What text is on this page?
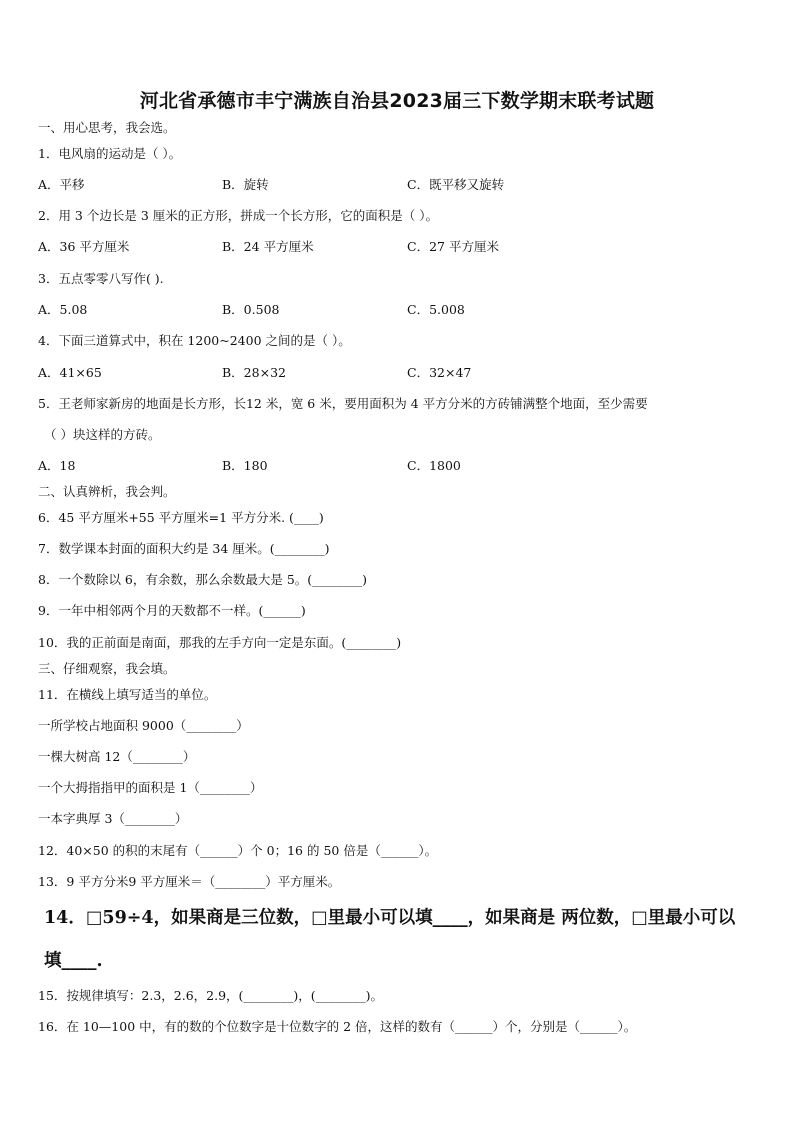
河北省承德市丰宁满族自治县2023届三下数学期末联考试题
一、用心思考，我会选。
1．电风扇的运动是（ ）。
A．平移	B．旋转	C．既平移又旋转
2．用 3 个边长是 3 厘米的正方形，拼成一个长方形，它的面积是（ ）。
A．36 平方厘米	B．24 平方厘米	C．27 平方厘米
3．五点零零八写作( ).
A．5.08	B．0.508	C．5.008
4．下面三道算式中，积在 1200~2400 之间的是（ ）。
A．41×65	B．28×32	C．32×47
5．王老师家新房的地面是长方形，长12 米，宽 6 米，要用面积为 4 平方分米的方砖铺满整个地面，至少需要
（ ）块这样的方砖。
A．18	B．180	C．1800
二、认真辨析，我会判。
6．45 平方厘米+55 平方厘米=1 平方分米. (____)
7．数学课本封面的面积大约是 34 厘米。(________)
8．一个数除以 6，有余数，那么余数最大是 5。(________)
9．一年中相邻两个月的天数都不一样。(______)
10．我的正前面是南面，那我的左手方向一定是东面。(________)
三、仔细观察，我会填。
11．在横线上填写适当的单位。
一所学校占地面积 9000（________）
一棵大树高 12（________）
一个大拇指指甲的面积是 1（________）
一本字典厚 3（________）
12．40×50 的积的末尾有（______）个 0；16 的 50 倍是（______）。
13．9 平方分米9 平方厘米＝（________）平方厘米。
14．□59÷4，如果商是三位数，□里最小可以填____，如果商是 两位数，□里最小可以
填____.
15．按规律填写：2.3，2.6，2.9，(________)，(________)。
16．在 10—100 中，有的数的个位数字是十位数字的 2 倍，这样的数有（______）个，分别是（______）。
